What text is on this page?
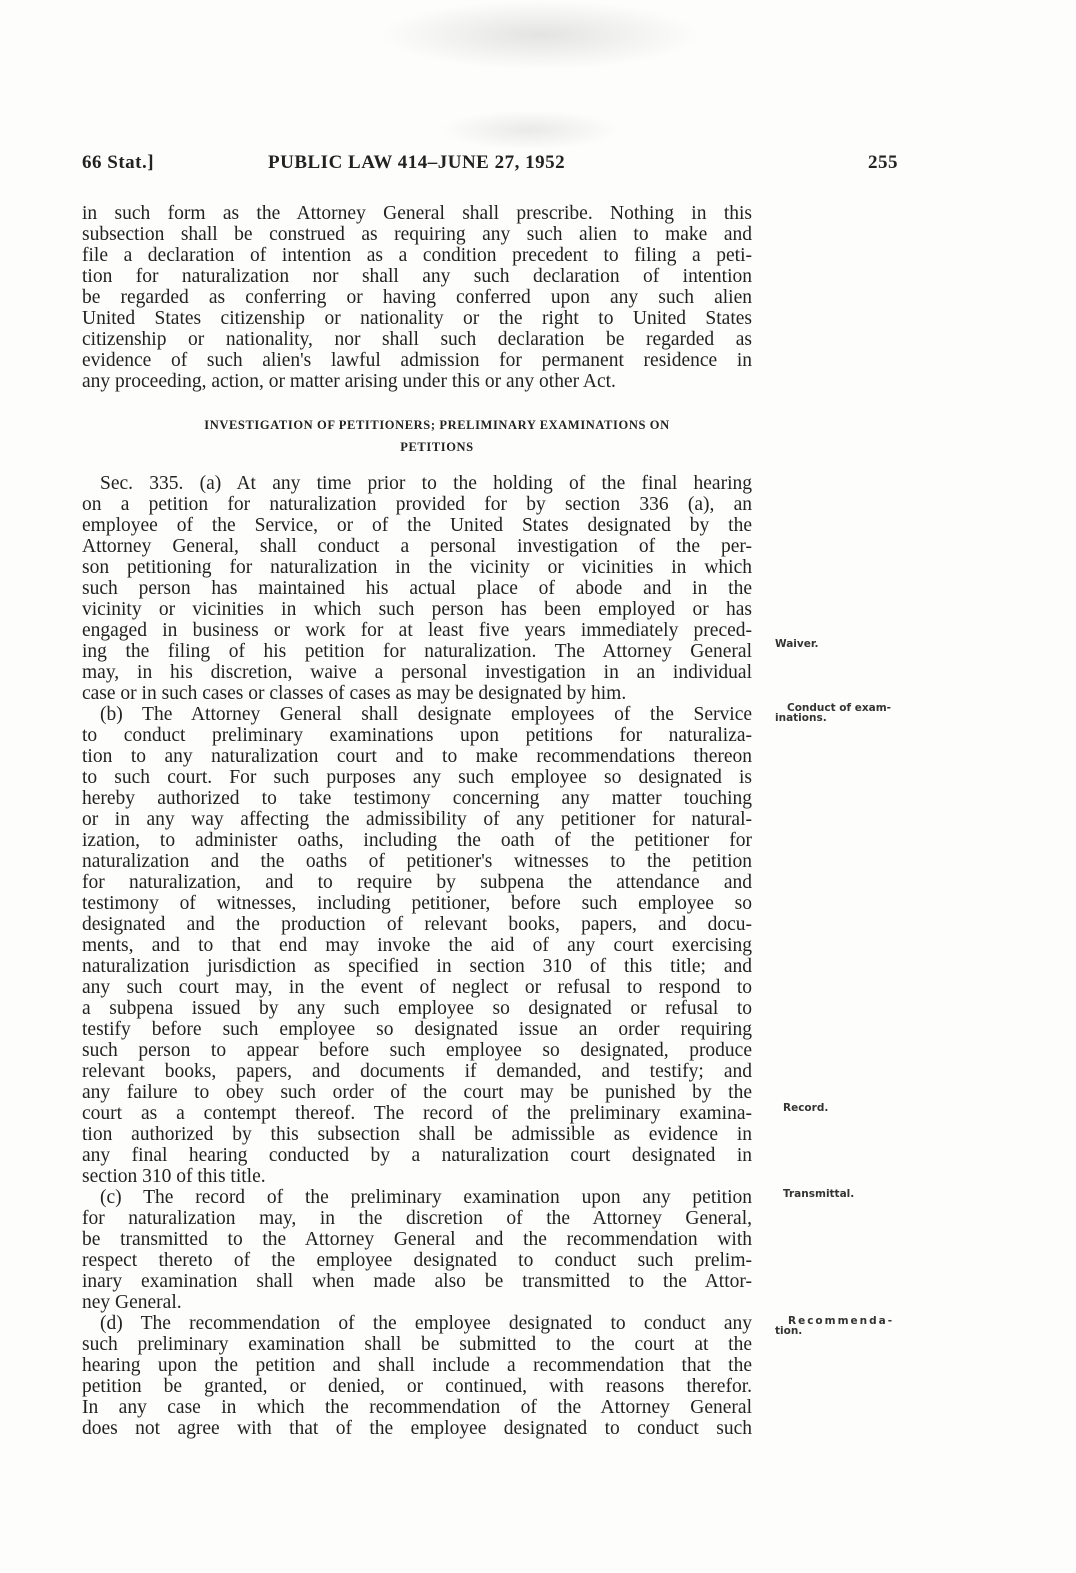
66 Stat.]	PUBLIC LAW 414–JUNE 27, 1952	255
in such form as the Attorney General shall prescribe. Nothing in this
subsection shall be construed as requiring any such alien to make and
file a declaration of intention as a condition precedent to filing a peti-
tion for naturalization nor shall any such declaration of intention
be regarded as conferring or having conferred upon any such alien
United States citizenship or nationality or the right to United States
citizenship or nationality, nor shall such declaration be regarded as
evidence of such alien's lawful admission for permanent residence in
any proceeding, action, or matter arising under this or any other Act.
INVESTIGATION OF PETITIONERS; PRELIMINARY EXAMINATIONS ON
PETITIONS
Sec. 335. (a) At any time prior to the holding of the final hearing
on a petition for naturalization provided for by section 336 (a), an
employee of the Service, or of the United States designated by the
Attorney General, shall conduct a personal investigation of the per-
son petitioning for naturalization in the vicinity or vicinities in which
such person has maintained his actual place of abode and in the
vicinity or vicinities in which such person has been employed or has
engaged in business or work for at least five years immediately preced-
ing the filing of his petition for naturalization. The Attorney General
may, in his discretion, waive a personal investigation in an individual
case or in such cases or classes of cases as may be designated by him.
(b) The Attorney General shall designate employees of the Service
to conduct preliminary examinations upon petitions for naturaliza-
tion to any naturalization court and to make recommendations thereon
to such court. For such purposes any such employee so designated is
hereby authorized to take testimony concerning any matter touching
or in any way affecting the admissibility of any petitioner for natural-
ization, to administer oaths, including the oath of the petitioner for
naturalization and the oaths of petitioner's witnesses to the petition
for naturalization, and to require by subpena the attendance and
testimony of witnesses, including petitioner, before such employee so
designated and the production of relevant books, papers, and docu-
ments, and to that end may invoke the aid of any court exercising
naturalization jurisdiction as specified in section 310 of this title; and
any such court may, in the event of neglect or refusal to respond to
a subpena issued by any such employee so designated or refusal to
testify before such employee so designated issue an order requiring
such person to appear before such employee so designated, produce
relevant books, papers, and documents if demanded, and testify; and
any failure to obey such order of the court may be punished by the
court as a contempt thereof. The record of the preliminary examina-
tion authorized by this subsection shall be admissible as evidence in
any final hearing conducted by a naturalization court designated in
section 310 of this title.
(c) The record of the preliminary examination upon any petition
for naturalization may, in the discretion of the Attorney General,
be transmitted to the Attorney General and the recommendation with
respect thereto of the employee designated to conduct such prelim-
inary examination shall when made also be transmitted to the Attor-
ney General.
(d) The recommendation of the employee designated to conduct any
such preliminary examination shall be submitted to the court at the
hearing upon the petition and shall include a recommendation that the
petition be granted, or denied, or continued, with reasons therefor.
In any case in which the recommendation of the Attorney General
does not agree with that of the employee designated to conduct such
Waiver.
Conduct of exam-
inations.
Record.
Transmittal.
Recommenda-
tion.
